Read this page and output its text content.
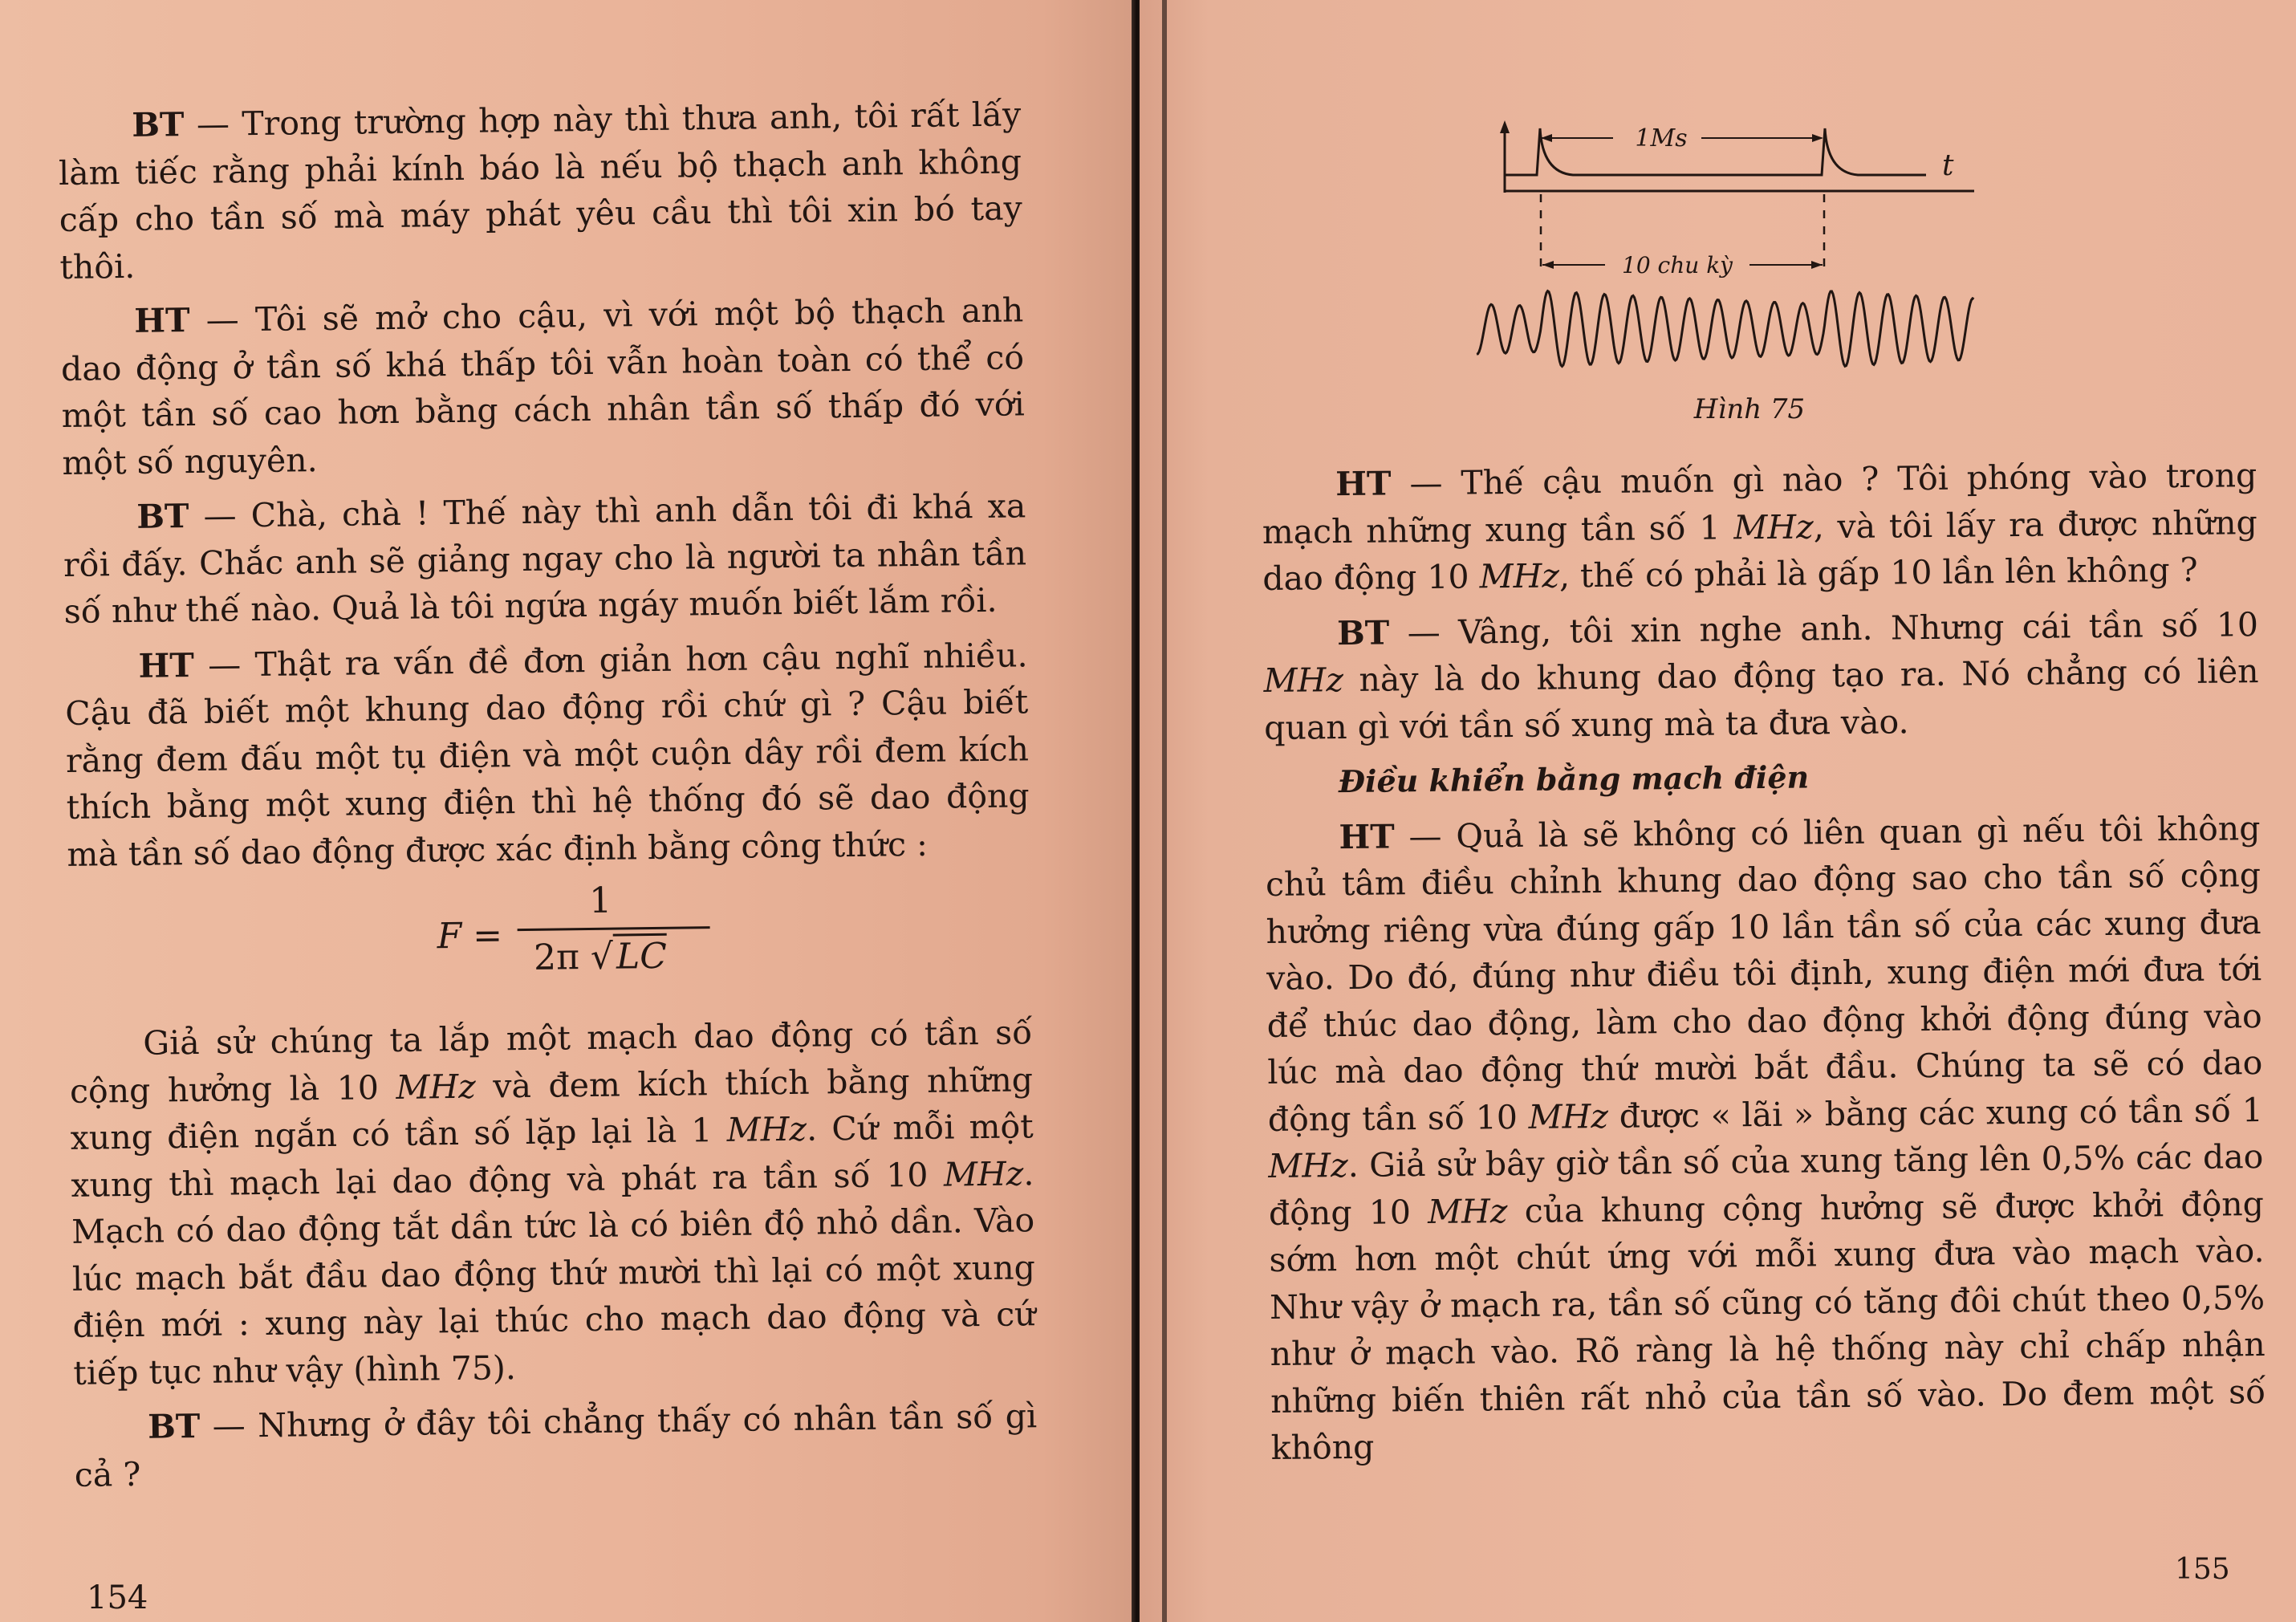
BT — Trong trường hợp này thì thưa anh, tôi rất lấy làm tiếc rằng phải kính báo là nếu bộ thạch anh không cấp cho tần số mà máy phát yêu cầu thì tôi xin bó tay thôi.

HT — Tôi sẽ mở cho cậu, vì với một bộ thạch anh dao động ở tần số khá thấp tôi vẫn hoàn toàn có thể có một tần số cao hơn bằng cách nhân tần số thấp đó với một số nguyên.

BT — Chà, chà ! Thế này thì anh dẫn tôi đi khá xa rồi đấy. Chắc anh sẽ giảng ngay cho là người ta nhân tần số như thế nào. Quả là tôi ngứa ngáy muốn biết lắm rồi.

HT — Thật ra vấn đề đơn giản hơn cậu nghĩ nhiều. Cậu đã biết một khung dao động rồi chứ gì ? Cậu biết rằng đem đấu một tụ điện và một cuộn dây rồi đem kích thích bằng một xung điện thì hệ thống đó sẽ dao động mà tần số dao động được xác định bằng công thức :

F =
1
2π √LC

Giả sử chúng ta lắp một mạch dao động có tần số cộng hưởng là 10 MHz và đem kích thích bằng những xung điện ngắn có tần số lặp lại là 1 MHz. Cứ mỗi một xung thì mạch lại dao động và phát ra tần số 10 MHz. Mạch có dao động tắt dần tức là có biên độ nhỏ dần. Vào lúc mạch bắt đầu dao động thứ mười thì lại có một xung điện mới : xung này lại thúc cho mạch dao động và cứ tiếp tục như vậy (hình 75).

BT — Nhưng ở đây tôi chẳng thấy có nhân tần số gì cả ?

154
1Ms
t
10 chu kỳ
Hình 75

HT — Thế cậu muốn gì nào ? Tôi phóng vào trong mạch những xung tần số 1 MHz, và tôi lấy ra được những dao động 10 MHz, thế có phải là gấp 10 lần lên không ?

BT — Vâng, tôi xin nghe anh. Nhưng cái tần số 10 MHz này là do khung dao động tạo ra. Nó chẳng có liên quan gì với tần số xung mà ta đưa vào.

Điều khiển bằng mạch điện

HT — Quả là sẽ không có liên quan gì nếu tôi không chủ tâm điều chỉnh khung dao động sao cho tần số cộng hưởng riêng vừa đúng gấp 10 lần tần số của các xung đưa vào. Do đó, đúng như điều tôi định, xung điện mới đưa tới để thúc dao động, làm cho dao động khởi động đúng vào lúc mà dao động thứ mười bắt đầu. Chúng ta sẽ có dao động tần số 10 MHz được « lãi » bằng các xung có tần số 1 MHz. Giả sử bây giờ tần số của xung tăng lên 0,5% các dao động 10 MHz của khung cộng hưởng sẽ được khởi động sớm hơn một chút ứng với mỗi xung đưa vào mạch vào. Như vậy ở mạch ra, tần số cũng có tăng đôi chút theo 0,5% như ở mạch vào. Rõ ràng là hệ thống này chỉ chấp nhận những biến thiên rất nhỏ của tần số vào. Do đem một số không

155
